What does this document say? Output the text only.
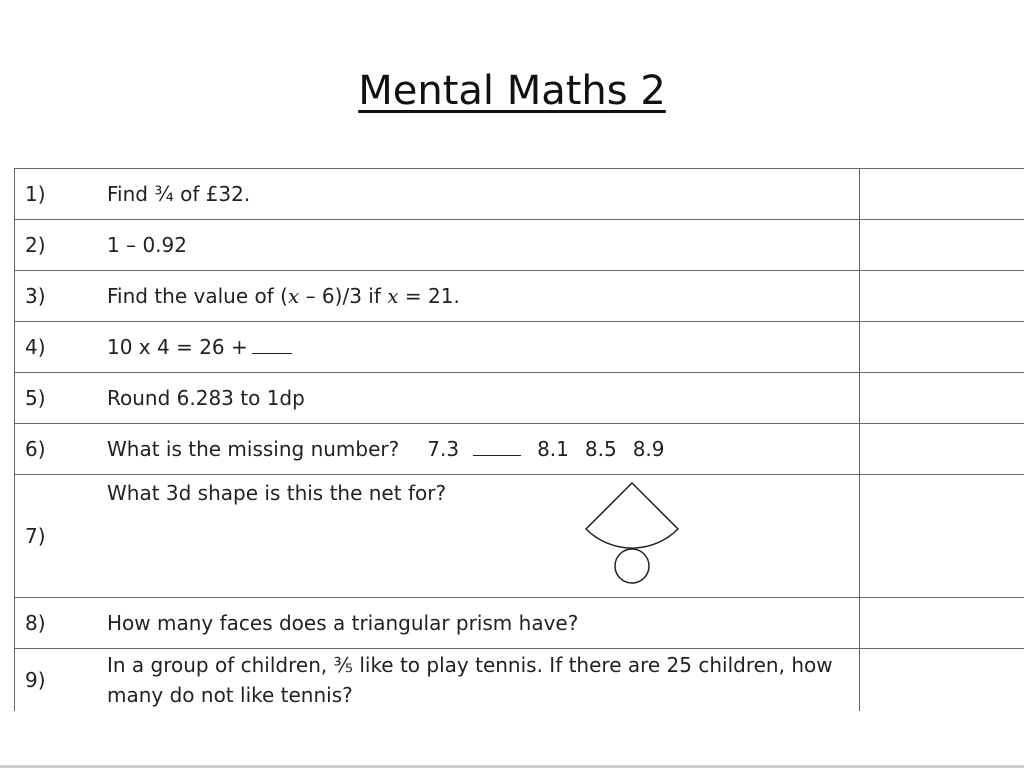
Mental Maths 2
1)	Find ¾ of £32.	
2)	1 – 0.92	
3)	Find the value of (x – 6)/3 if x = 21.	
4)	10 x 4 = 26 +	
5)	Round 6.283 to 1dp	
6)	What is the missing number? 7.3 8.1 8.5 8.9	
7)	What 3d shape is this the net for?

8)	How many faces does a triangular prism have?	
9)	In a group of children, ⅗ like to play tennis. If there are 25 children, how many do not like tennis?	
